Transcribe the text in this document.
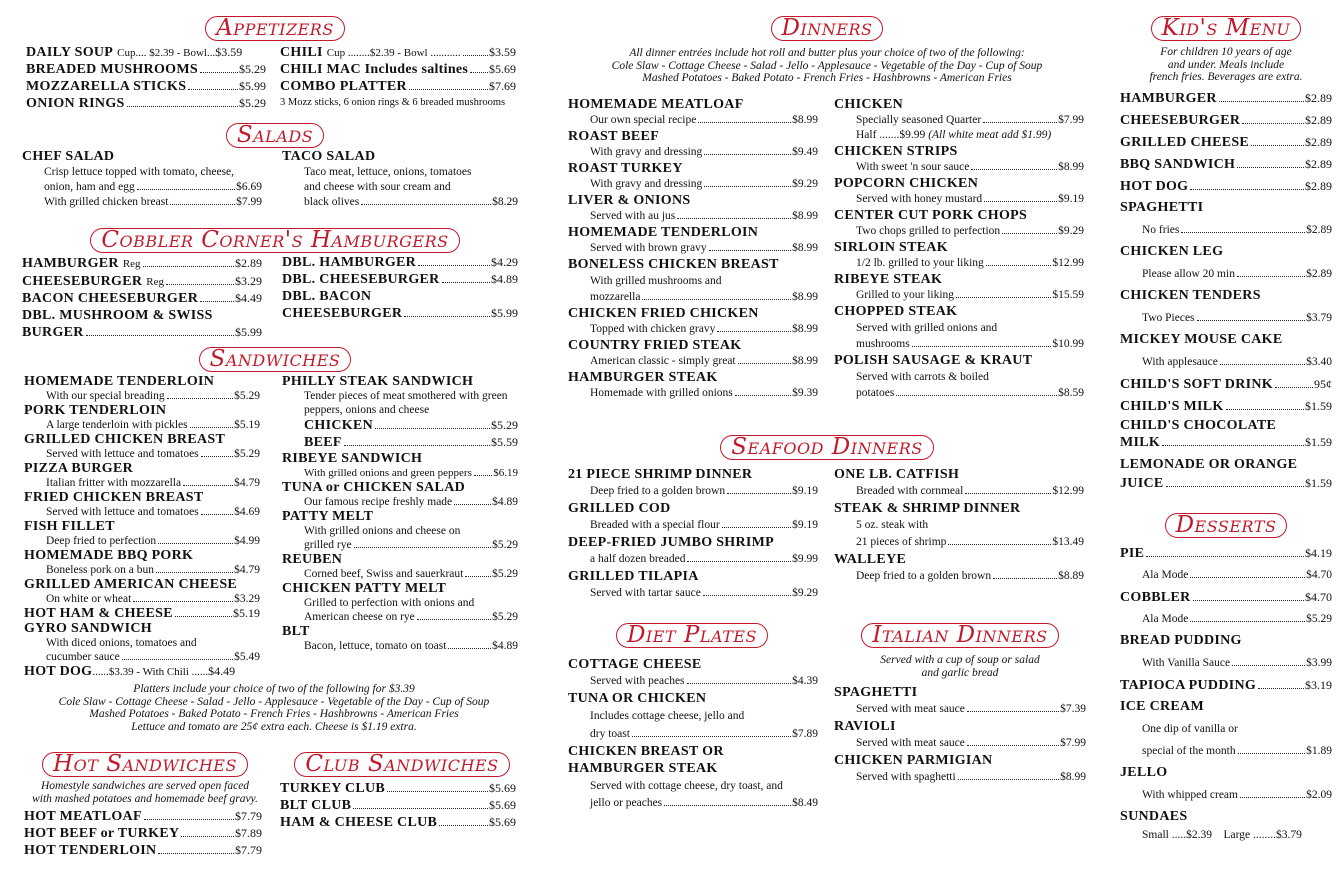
Appetizers
DAILY SOUP
Cup.... $2.39 - Bowl... $3.59
BREADED MUSHROOMS	$5.29
MOZZARELLA STICKS	$5.99
ONION RINGS	$5.29
CHILI
Cup ........$2.39 - Bowl ........... $3.59
CHILI MAC Includes saltines $5.69
COMBO PLATTER	$7.69
3 Mozz sticks, 6 onion rings & 6 breaded mushrooms
Salads
CHEF SALAD
Crisp lettuce topped with tomato, cheese,
onion, ham and egg	$6.69
With grilled chicken breast	$7.99
TACO SALAD
Taco meat, lettuce, onions, tomatoes
and cheese with sour cream and
black olives	$8.29
Cobbler Corner's Hamburgers
HAMBURGER
Reg	$2.89
CHEESEBURGER
Reg	$3.29
BACON CHEESEBURGER	$4.49
DBL. MUSHROOM & SWISS
BURGER	$5.99
DBL. HAMBURGER	$4.29
DBL. CHEESEBURGER	$4.89
DBL. BACON
CHEESEBURGER	$5.99
Sandwiches
HOMEMADE TENDERLOIN
With our special breading	$5.29
PORK TENDERLOIN
A large tenderloin with pickles	$5.19
GRILLED CHICKEN BREAST
Served with lettuce and tomatoes	$5.29
PIZZA BURGER
Italian fritter with mozzarella	$4.79
FRIED CHICKEN BREAST
Served with lettuce and tomatoes	$4.69
FISH FILLET
Deep fried to perfection	$4.99
HOMEMADE BBQ PORK
Boneless pork on a bun	$4.79
GRILLED AMERICAN CHEESE
On white or wheat	$3.29
HOT HAM & CHEESE	$5.19
GYRO SANDWICH
With diced onions, tomatoes and
cucumber sauce	$5.49
HOT DOG ......$3.39 - With Chili ...... $4.49
PHILLY STEAK SANDWICH
Tender pieces of meat smothered with green
peppers, onions and cheese
CHICKEN	$5.29
BEEF	$5.59
RIBEYE SANDWICH
With grilled onions and green peppers $6.19
TUNA or CHICKEN SALAD
Our famous recipe freshly made	$4.89
PATTY MELT
With grilled onions and cheese on
grilled rye	$5.29
REUBEN
Corned beef, Swiss and sauerkraut	$5.29
CHICKEN PATTY MELT
Grilled to perfection with onions and
American cheese on rye	$5.29
BLT
Bacon, lettuce, tomato on toast	$4.89
Platters include your choice of two of the following for $3.39
Cole Slaw - Cottage Cheese - Salad - Jello - Applesauce - Vegetable of the Day - Cup of Soup
Mashed Potatoes - Baked Potato - French Fries - Hashbrowns - American Fries
Lettuce and tomato are 25¢ extra each. Cheese is $1.19 extra.
Hot Sandwiches
Homestyle sandwiches are served open faced
with mashed potatoes and homemade beef gravy.
HOT MEATLOAF	$7.79
HOT BEEF or TURKEY	$7.89
HOT TENDERLOIN	$7.79
Club Sandwiches
TURKEY CLUB	$5.69
BLT CLUB	$5.69
HAM & CHEESE CLUB	$5.69
Dinners
All dinner entrées include hot roll and butter plus your choice of two of the following:
Cole Slaw - Cottage Cheese - Salad - Jello - Applesauce - Vegetable of the Day - Cup of Soup
Mashed Potatoes - Baked Potato - French Fries - Hashbrowns - American Fries
HOMEMADE MEATLOAF
Our own special recipe	$8.99
ROAST BEEF
With gravy and dressing	$9.49
ROAST TURKEY
With gravy and dressing	$9.29
LIVER & ONIONS
Served with au jus	$8.99
HOMEMADE TENDERLOIN
Served with brown gravy	$8.99
BONELESS CHICKEN BREAST
With grilled mushrooms and
mozzarella	$8.99
CHICKEN FRIED CHICKEN
Topped with chicken gravy	$8.99
COUNTRY FRIED STEAK
American classic - simply great	$8.99
HAMBURGER STEAK
Homemade with grilled onions	$9.39
CHICKEN
Specially seasoned Quarter	$7.99
Half .......$9.99 (All white meat add $1.99)
CHICKEN STRIPS
With sweet 'n sour sauce	$8.99
POPCORN CHICKEN
Served with honey mustard	$9.19
CENTER CUT PORK CHOPS
Two chops grilled to perfection	$9.29
SIRLOIN STEAK
1/2 lb. grilled to your liking	$12.99
RIBEYE STEAK
Grilled to your liking	$15.59
CHOPPED STEAK
Served with grilled onions and
mushrooms	$10.99
POLISH SAUSAGE & KRAUT
Served with carrots & boiled
potatoes	$8.59
Seafood Dinners
21 PIECE SHRIMP DINNER
Deep fried to a golden brown	$9.19
GRILLED COD
Breaded with a special flour	$9.19
DEEP-FRIED JUMBO SHRIMP
a half dozen breaded	$9.99
GRILLED TILAPIA
Served with tartar sauce	$9.29
ONE LB. CATFISH
Breaded with cornmeal	$12.99
STEAK & SHRIMP DINNER
5 oz. steak with
21 pieces of shrimp	$13.49
WALLEYE
Deep fried to a golden brown	$8.89
Diet Plates
COTTAGE CHEESE
Served with peaches	$4.39
TUNA OR CHICKEN
Includes cottage cheese, jello and
dry toast	$7.89
CHICKEN BREAST OR
HAMBURGER STEAK
Served with cottage cheese, dry toast, and
jello or peaches	$8.49
Italian Dinners
Served with a cup of soup or salad
and garlic bread
SPAGHETTI
Served with meat sauce	$7.39
RAVIOLI
Served with meat sauce	$7.99
CHICKEN PARMIGIAN
Served with spaghetti	$8.99
Kid's Menu
For children 10 years of age
and under. Meals include
french fries. Beverages are extra.
HAMBURGER	$2.89
CHEESEBURGER	$2.89
GRILLED CHEESE	$2.89
BBQ SANDWICH	$2.89
HOT DOG	$2.89
SPAGHETTI
No fries	$2.89
CHICKEN LEG
Please allow 20 min	$2.89
CHICKEN TENDERS
Two Pieces	$3.79
MICKEY MOUSE CAKE
With applesauce	$3.40
CHILD'S SOFT DRINK	95¢
CHILD'S MILK	$1.59
CHILD'S CHOCOLATE
MILK	$1.59
LEMONADE OR ORANGE
JUICE	$1.59
Desserts
PIE	$4.19
Ala Mode	$4.70
COBBLER	$4.70
Ala Mode	$5.29
BREAD PUDDING
With Vanilla Sauce	$3.99
TAPIOCA PUDDING	$3.19
ICE CREAM
One dip of vanilla or
special of the month	$1.89
JELLO
With whipped cream	$2.09
SUNDAES
Small .....$2.39 Large ........$3.79
